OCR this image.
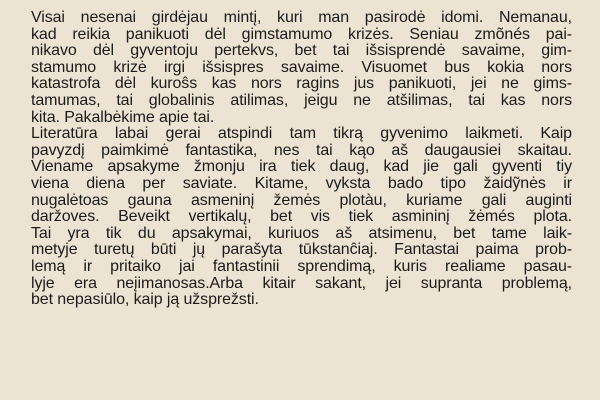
Visai nesenai girdėjau mintį, kuri man pasirodė idomi. Nemanau,
kad reikia panikuoti dėl gimstamumo krizės. Seniau zmõnés pai-
nikavo dėl gyventoju pertekvs, bet tai išsisprendė savaime, gim-
stamumo krizė irgi išsispres savaime. Visuomet bus kokia nors
katastrofa dėl kuroŝs kas nors ragins jus panikuoti, jei ne gims-
tamumas, tai globalinis atilimas, jeigu ne atšilimas, tai kas nors
kita. Pakalbėkime apie tai.
Literatūra labai gerai atspindi tam tikrą gyvenimo laikmeti. Kaip
pavyzdį paimkimė fantastika, nes tai kąo aš daugausiei skaitau.
Viename apsakyme žmonju ira tiek daug, kad jie gali gyventi tiy
viena diena per saviate. Kitame, vyksta bado tipo žaidỹnės ir
nugalėtoas gauna asmeninį žemės plotàu, kuriame gali auginti
daržoves. Beveikt vertikalų, bet vis tiek asmininį žėmés plota.
Tai yra tik du apsakymai, kuriuos aš atsimenu, bet tame laik-
metyje turetų būti jų parašyta tūkstanĉiaj. Fantastai paima prob-
lemą ir pritaiko jai fantastinii sprendimą, kuris realiame pasau-
lyje era neįimanosas.Arba kitair sakant, jei supranta problemą,
bet nepasiūlo, kaip ją užsprežsti.
